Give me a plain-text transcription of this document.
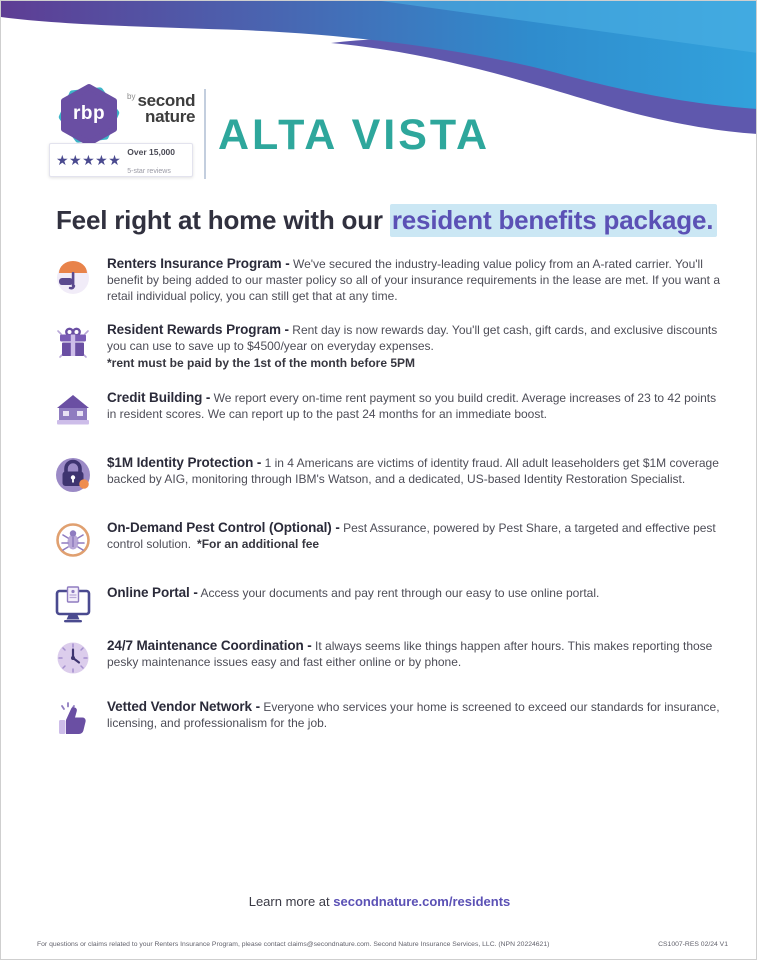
rbp
$^{by}$ second
nature
★★★★★ Over 15,000
5-star reviews
ALTA VISTA
Feel right at home with our resident benefits package.

Renters Insurance Program - We've secured the industry-leading value policy from an A-rated carrier. You'll benefit by being added to our master policy so all of your insurance requirements in the lease are met. If you want a retail individual policy, you can still get that at any time.

Resident Rewards Program - Rent day is now rewards day. You'll get cash, gift cards, and exclusive discounts you can use to save up to $4500/year on everyday expenses.
*rent must be paid by the 1st of the month before 5PM

Credit Building - We report every on-time rent payment so you build credit. Average increases of 23 to 42 points in resident scores. We can report up to the past 24 months for an immediate boost.

$1M Identity Protection - 1 in 4 Americans are victims of identity fraud. All adult leaseholders get $1M coverage backed by AIG, monitoring through IBM's Watson, and a dedicated, US-based Identity Restoration Specialist.

On-Demand Pest Control (Optional) - Pest Assurance, powered by Pest Share, a targeted and effective pest control solution. *For an additional fee

Online Portal - Access your documents and pay rent through our easy to use online portal.

24/7 Maintenance Coordination - It always seems like things happen after hours. This makes reporting those pesky maintenance issues easy and fast either online or by phone.

Vetted Vendor Network - Everyone who services your home is screened to exceed our standards for insurance, licensing, and professionalism for the job.

Learn more at secondnature.com/residents
For questions or claims related to your Renters Insurance Program, please contact claims@secondnature.com. Second Nature Insurance Services, LLC. (NPN 20224621)	CS1007-RES 02/24 V1
